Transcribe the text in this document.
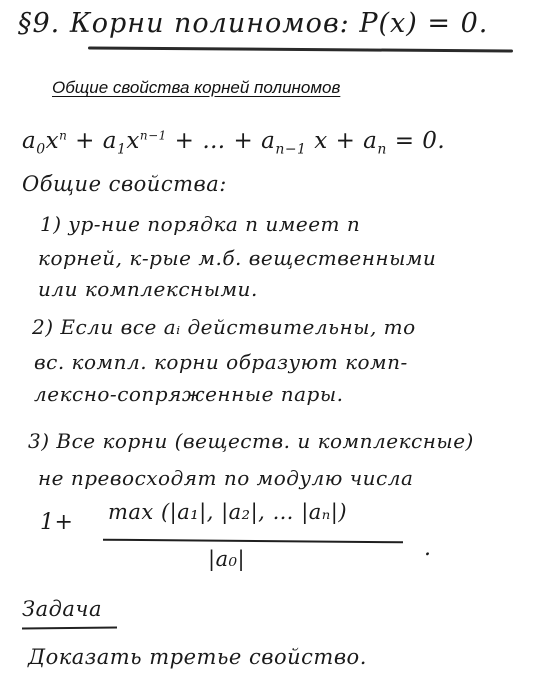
§9. Корни полиномов: P(x) = 0.
Общие свойства корней полиномов
$a_0x^n + a_1x^{n-1}$ + … + $a_{n-1}$ $x + a_n = 0$.
Общие свойства:
1) ур-ние порядка n имеет n
корней, к-рые м.б. вещественными
или комплексными.
2) Если все aᵢ действительны, то
вс. компл. корни образуют комп-
лексно-сопряженные пары.
3) Все корни (веществ. и комплексные)
не превосходят по модулю числа
1+ max (|a₁|, |a₂|, … |aₙ|)
|a₀|	.
Задача
Доказать третье свойство.
